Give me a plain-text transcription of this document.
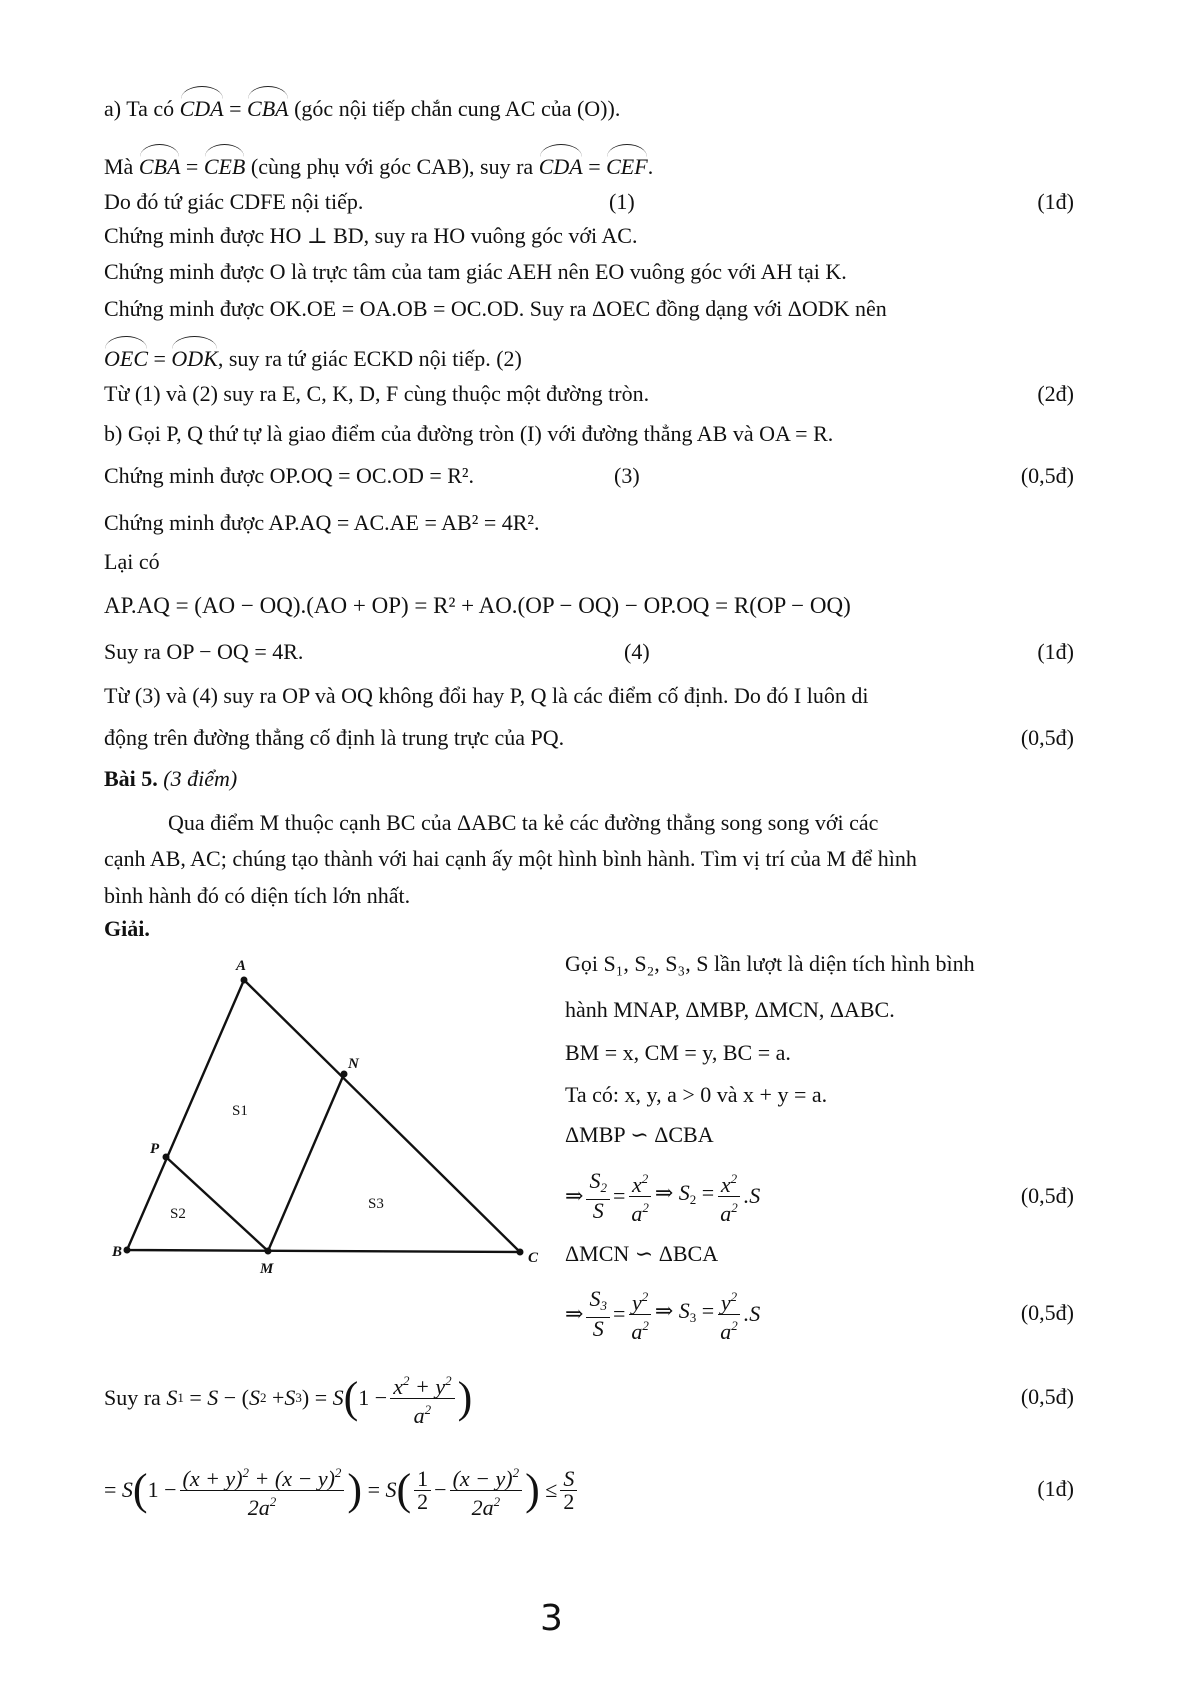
a) Ta có CDA = CBA (góc nội tiếp chắn cung AC của (O)).
Mà CBA = CEB (cùng phụ với góc CAB), suy ra CDA = CEF.
Do đó tứ giác CDFE nội tiếp.	(1)	(1đ)
Chứng minh được HO ⊥ BD, suy ra HO vuông góc với AC.
Chứng minh được O là trực tâm của tam giác AEH nên EO vuông góc với AH tại K.
Chứng minh được OK.OE = OA.OB = OC.OD. Suy ra ΔOEC đồng dạng với ΔODK nên
OEC = ODK, suy ra tứ giác ECKD nội tiếp. (2)
Từ (1) và (2) suy ra E, C, K, D, F cùng thuộc một đường tròn.	(2đ)
b) Gọi P, Q thứ tự là giao điểm của đường tròn (I) với đường thẳng AB và OA = R.
Chứng minh được OP.OQ = OC.OD = R².	(3)	(0,5đ)
Chứng minh được AP.AQ = AC.AE = AB² = 4R².
Lại có
AP.AQ = (AO − OQ).(AO + OP) = R² + AO.(OP − OQ) − OP.OQ = R(OP − OQ)
Suy ra OP − OQ = 4R.	(4)	(1đ)
Từ (3) và (4) suy ra OP và OQ không đổi hay P, Q là các điểm cố định. Do đó I luôn di
động trên đường thẳng cố định là trung trực của PQ.	(0,5đ)
Bài 5. (3 điểm)
Qua điểm M thuộc cạnh BC của ΔABC ta kẻ các đường thẳng song song với các
cạnh AB, AC; chúng tạo thành với hai cạnh ấy một hình bình hành. Tìm vị trí của M để hình
bình hành đó có diện tích lớn nhất.
Giải.
A
B	C
M
N
P
S1
S2
S3
Gọi S₁, S₂, S₃, S lần lượt là diện tích hình bình
hành MNAP, ΔMBP, ΔMCN, ΔABC.
BM = x, CM = y, BC = a.
Ta có: x, y, a > 0 và x + y = a.
ΔMBP ∽ ΔCBA
⇒ $\frac{S_2}{S} = \frac{x^2}{a^2}$ ⇒ $S_2 = \frac{x^2}{a^2} .S$	(0,5đ)
ΔMCN ∽ ΔBCA
⇒ $\frac{S_3}{S} = \frac{y^2}{a^2}$ ⇒ $S_3 = \frac{y^2}{a^2} .S$	(0,5đ)
Suy ra
S 1 = S − ( S 2 + S 3 ) = S ( $1 - \frac{x^2 + y^2}{a^2}$ )	(0,5đ)
= S ( $1 - \frac{(x + y)^2 + (x - y)^2}{2a^2}$ ) = S ( $\frac{1}{2} - \frac{(x - y)^2}{2a^2}$ ) ≤ $\frac{S}{2}$	(1đ)
3
